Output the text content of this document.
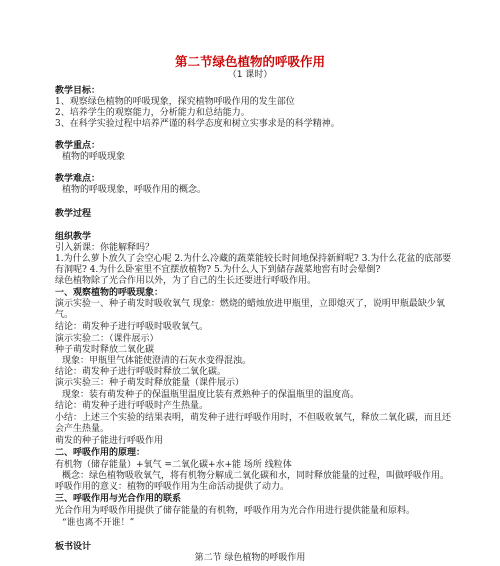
第二节绿色植物的呼吸作用
（1 课时）
教学目标：
1、观察绿色植物的呼吸现象，探究植物呼吸作用的发生部位
2、培养学生的观察能力，分析能力和总结能力。
3、在科学实验过程中培养严谨的科学态度和树立实事求是的科学精神。
教学重点：
植物的呼吸现象
教学难点：
植物的呼吸现象，呼吸作用的概念。
教学过程
组织教学
引入新课：你能解释吗？
1.为什么萝卜放久了会空心呢 2.为什么冷藏的蔬菜能较长时间地保持新鲜呢? 3.为什么花盆的底部要
有洞呢? 4.为什么卧室里不宜摆放植物? 5.为什么人下到储存蔬菜地窖有时会晕倒?
绿色植物除了光合作用以外，为了自己的生长还要进行呼吸作用。
一、观察植物的呼吸现象：
演示实验一、种子萌发时吸收氧气 现象：燃烧的蜡烛放进甲瓶里，立即熄灭了，说明甲瓶最缺少氧
气。
结论：萌发种子进行呼吸时吸收氧气。
演示实验二：（课件展示）
种子萌发时释放二氧化碳
现象：甲瓶里气体能使澄清的石灰水变得混浊。
结论：萌发种子进行呼吸时释放二氧化碳。
演示实验三：种子萌发时释放能量（课件展示）
现象：装有萌发种子的保温瓶里温度比装有煮熟种子的保温瓶里的温度高。
结论：萌发种子进行呼吸时产生热量。
小结：上述三个实验的结果表明，萌发种子进行呼吸作用时，不但吸收氧气，释放二氧化碳，而且还
会产生热量。
萌发的种子能进行呼吸作用
二、呼吸作用的原理：
有机物（储存能量）+氧气 =二氧化碳+水+能 场所 线粒体
概念：绿色植物吸收氧气，将有机物分解成二氧化碳和水，同时释放能量的过程，叫做呼吸作用。
呼吸作用的意义：植物的呼吸作用为生命活动提供了动力。
三、呼吸作用与光合作用的联系
光合作用为呼吸作用提供了储存能量的有机物，呼吸作用为光合作用进行提供能量和原料。
“谁也离不开谁！”
板书设计
第二节 绿色植物的呼吸作用
